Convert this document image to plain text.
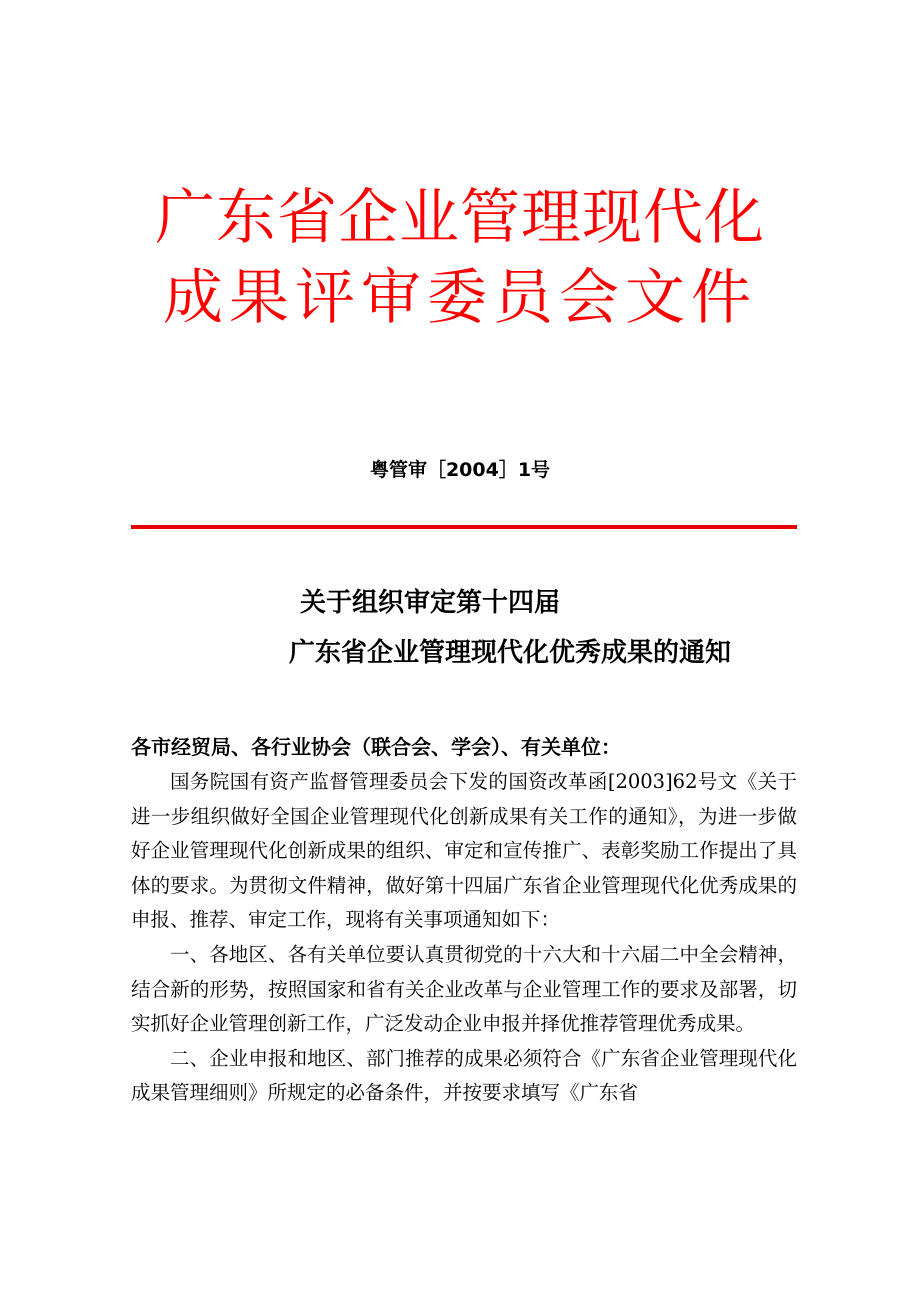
广东省企业管理现代化
成果评审委员会文件
粤管审［2004］1号
关于组织审定第十四届
广东省企业管理现代化优秀成果的通知
各市经贸局、各行业协会（联合会、学会）、有关单位：

国务院国有资产监督管理委员会下发的国资改革函[2003]62号文《关于进一步组织做好全国企业管理现代化创新成果有关工作的通知》，为进一步做好企业管理现代化创新成果的组织、审定和宣传推广、表彰奖励工作提出了具体的要求。为贯彻文件精神，做好第十四届广东省企业管理现代化优秀成果的申报、推荐、审定工作，现将有关事项通知如下：

一、各地区、各有关单位要认真贯彻党的十六大和十六届二中全会精神，结合新的形势，按照国家和省有关企业改革与企业管理工作的要求及部署，切实抓好企业管理创新工作，广泛发动企业申报并择优推荐管理优秀成果。

二、企业申报和地区、部门推荐的成果必须符合《广东省企业管理现代化成果管理细则》所规定的必备条件，并按要求填写《广东省
